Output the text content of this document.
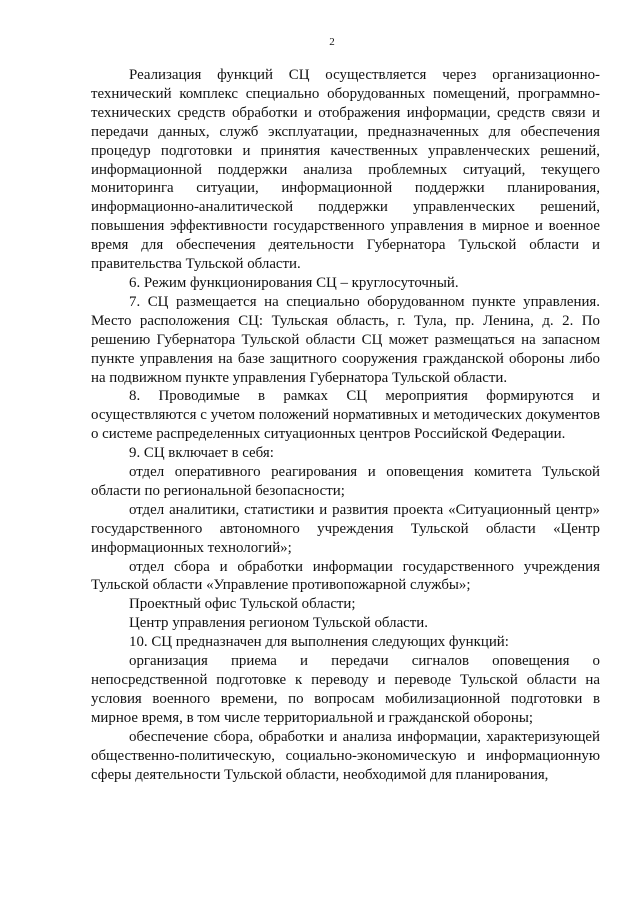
2

Реализация функций СЦ осуществляется через организационно-технический комплекс специально оборудованных помещений, программно-технических средств обработки и отображения информации, средств связи и передачи данных, служб эксплуатации, предназначенных для обеспечения процедур подготовки и принятия качественных управленческих решений, информационной поддержки анализа проблемных ситуаций, текущего мониторинга ситуации, информационной поддержки планирования, информационно-аналитической поддержки управленческих решений, повышения эффективности государственного управления в мирное и военное время для обеспечения деятельности Губернатора Тульской области и правительства Тульской области.

6. Режим функционирования СЦ – круглосуточный.

7. СЦ размещается на специально оборудованном пункте управления. Место расположения СЦ: Тульская область, г. Тула, пр. Ленина, д. 2. По решению Губернатора Тульской области СЦ может размещаться на запасном пункте управления на базе защитного сооружения гражданской обороны либо на подвижном пункте управления Губернатора Тульской области.

8. Проводимые в рамках СЦ мероприятия формируются и осуществляются с учетом положений нормативных и методических документов о системе распределенных ситуационных центров Российской Федерации.

9. СЦ включает в себя:

отдел оперативного реагирования и оповещения комитета Тульской области по региональной безопасности;

отдел аналитики, статистики и развития проекта «Ситуационный центр» государственного автономного учреждения Тульской области «Центр информационных технологий»;

отдел сбора и обработки информации государственного учреждения Тульской области «Управление противопожарной службы»;

Проектный офис Тульской области;

Центр управления регионом Тульской области.

10. СЦ предназначен для выполнения следующих функций:

организация приема и передачи сигналов оповещения о непосредственной подготовке к переводу и переводе Тульской области на условия военного времени, по вопросам мобилизационной подготовки в мирное время, в том числе территориальной и гражданской обороны;

обеспечение сбора, обработки и анализа информации, характеризующей общественно-политическую, социально-экономическую и информационную сферы деятельности Тульской области, необходимой для планирования,
